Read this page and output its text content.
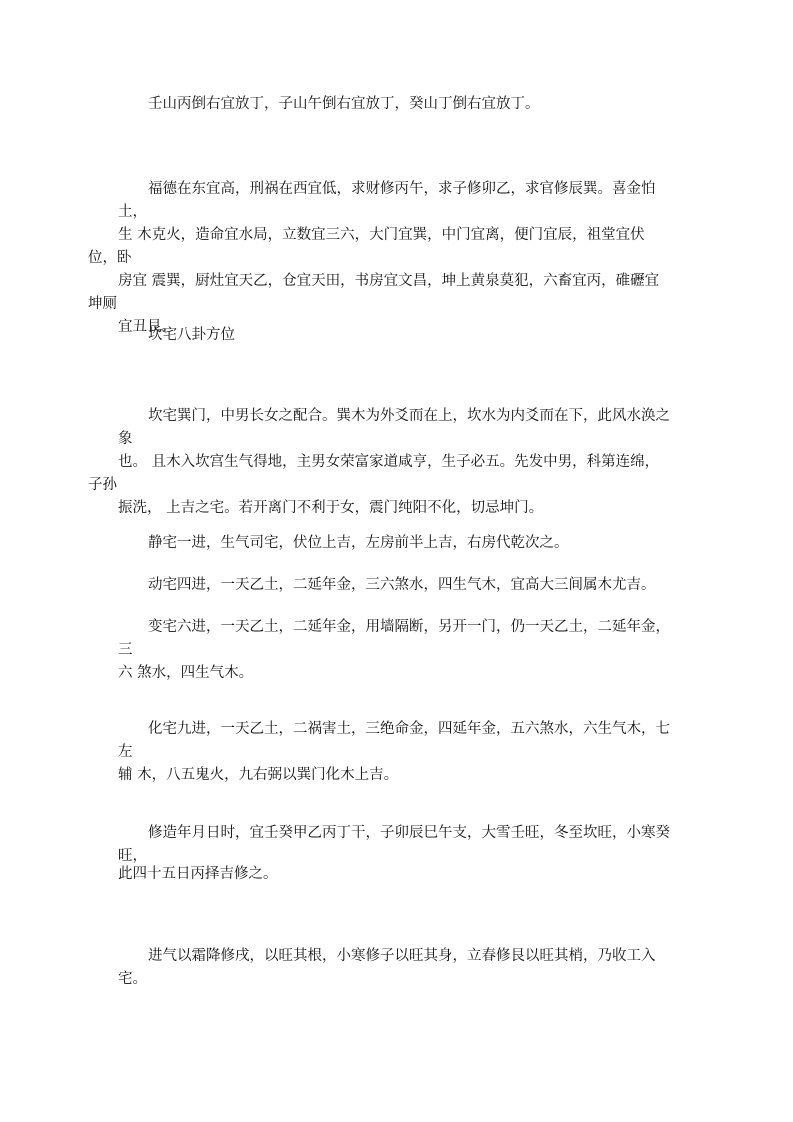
壬山丙倒右宜放丁，子山午倒右宜放丁，癸山丁倒右宜放丁。

福德在东宜高，刑祸在西宜低，求财修丙午，求子修卯乙，求官修辰巽。喜金怕土，
生 木克火，造命宜水局，立数宜三六，大门宜巽，中门宜离，便门宜辰，祖堂宜伏位，卧
房宜 震巽，厨灶宜天乙，仓宜天田，书房宜文昌，坤上黄泉莫犯，六畜宜丙，碓礰宜坤厕
宜丑艮。

坎宅八卦方位

坎宅巽门，中男长女之配合。巽木为外爻而在上，坎水为内爻而在下，此风水涣之象
也。 且木入坎宫生气得地，主男女荣富家道咸亨，生子必五。先发中男，科第连绵，子孙
振洗， 上吉之宅。若开离门不利于女，震门纯阳不化，切忌坤门。

静宅一进，生气司宅，伏位上吉，左房前半上吉，右房代乾次之。

动宅四进，一天乙土，二延年金，三六煞水，四生气木，宜高大三间属木尤吉。

变宅六进，一天乙土，二延年金，用墙隔断，另开一门，仍一天乙土，二延年金，三
六 煞水，四生气木。

化宅九进，一天乙土，二祸害土，三绝命金，四延年金，五六煞水，六生气木，七左
辅 木，八五鬼火，九右弼以巽门化木上吉。

修造年月日时，宜壬癸甲乙丙丁干，子卯辰巳午支，大雪壬旺，冬至坎旺，小寒癸旺，

此四十五日丙择吉修之。

进气以霜降修戌，以旺其根，小寒修子以旺其身，立春修艮以旺其梢，乃收工入宅。
